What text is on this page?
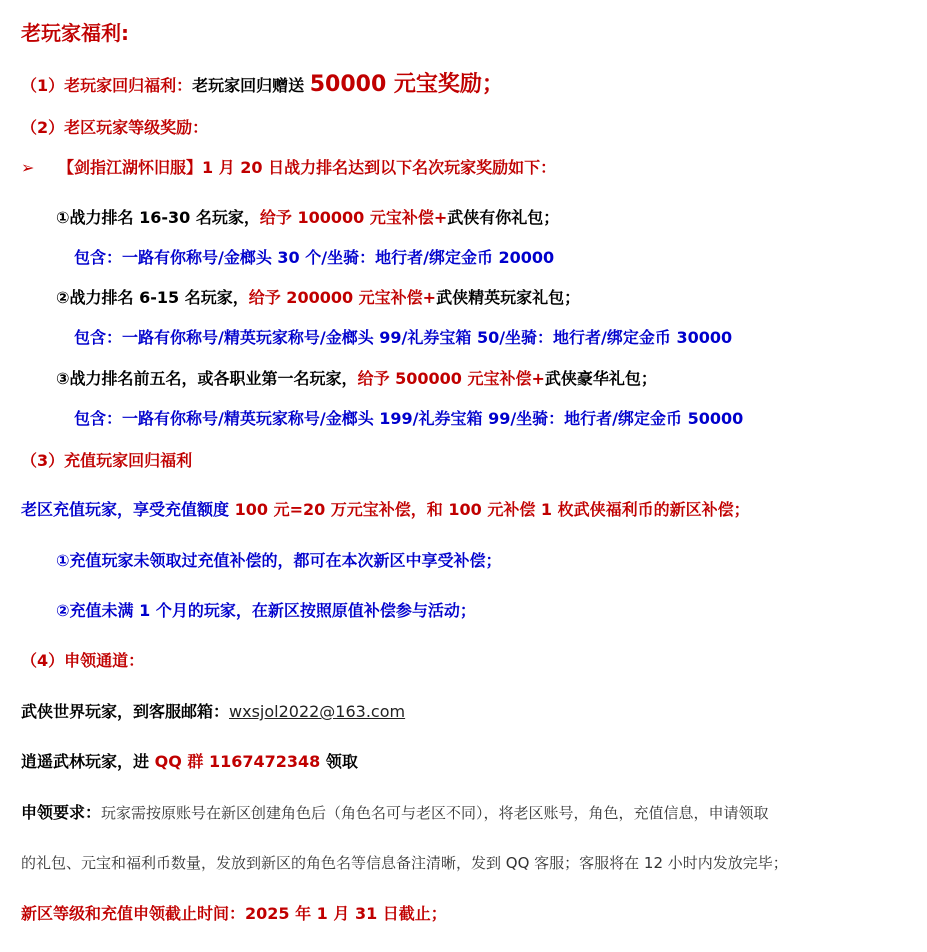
老玩家福利:
（1）老玩家回归福利：老玩家回归赠送 50000 元宝奖励；
（2）老区玩家等级奖励：
➢ 【剑指江湖怀旧服】1 月 20 日战力排名达到以下名次玩家奖励如下：
①战力排名 16-30 名玩家，给予 100000 元宝补偿+武侠有你礼包；
包含：一路有你称号/金榔头 30 个/坐骑：地行者/绑定金币 20000
②战力排名 6-15 名玩家，给予 200000 元宝补偿+武侠精英玩家礼包；
包含：一路有你称号/精英玩家称号/金榔头 99/礼券宝箱 50/坐骑：地行者/绑定金币 30000
③战力排名前五名，或各职业第一名玩家，给予 500000 元宝补偿+武侠豪华礼包；
包含：一路有你称号/精英玩家称号/金榔头 199/礼券宝箱 99/坐骑：地行者/绑定金币 50000
（3）充值玩家回归福利
老区充值玩家，享受充值额度 100 元=20 万元宝补偿，和 100 元补偿 1 枚武侠福利币的新区补偿；
①充值玩家未领取过充值补偿的，都可在本次新区中享受补偿；
②充值未满 1 个月的玩家，在新区按照原值补偿参与活动；
（4）申领通道：
武侠世界玩家，到客服邮箱：wxsjol2022@163.com
逍遥武林玩家，进 QQ 群 1167472348 领取
申领要求：玩家需按原账号在新区创建角色后（角色名可与老区不同），将老区账号，角色，充值信息，申请领取
的礼包、元宝和福利币数量，发放到新区的角色名等信息备注清晰，发到 QQ 客服；客服将在 12 小时内发放完毕；
新区等级和充值申领截止时间：2025 年 1 月 31 日截止；
